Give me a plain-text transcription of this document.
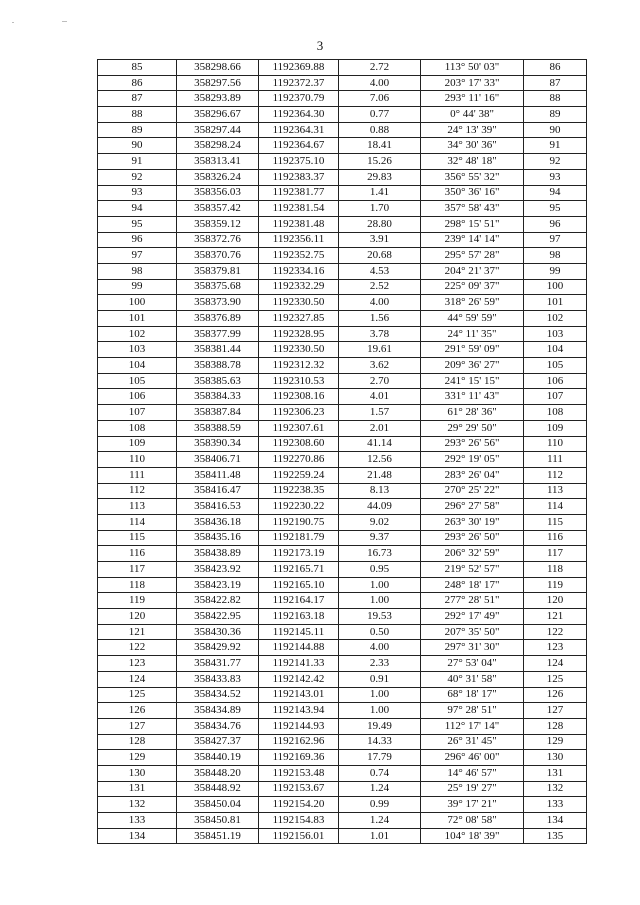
3
85	358298.66	1192369.88	2.72	113° 50' 03"	86
86	358297.56	1192372.37	4.00	203° 17' 33"	87
87	358293.89	1192370.79	7.06	293° 11' 16"	88
88	358296.67	1192364.30	0.77	0° 44' 38"	89
89	358297.44	1192364.31	0.88	24° 13' 39"	90
90	358298.24	1192364.67	18.41	34° 30' 36"	91
91	358313.41	1192375.10	15.26	32° 48' 18"	92
92	358326.24	1192383.37	29.83	356° 55' 32"	93
93	358356.03	1192381.77	1.41	350° 36' 16"	94
94	358357.42	1192381.54	1.70	357° 58' 43"	95
95	358359.12	1192381.48	28.80	298° 15' 51"	96
96	358372.76	1192356.11	3.91	239° 14' 14"	97
97	358370.76	1192352.75	20.68	295° 57' 28"	98
98	358379.81	1192334.16	4.53	204° 21' 37"	99
99	358375.68	1192332.29	2.52	225° 09' 37"	100
100	358373.90	1192330.50	4.00	318° 26' 59"	101
101	358376.89	1192327.85	1.56	44° 59' 59"	102
102	358377.99	1192328.95	3.78	24° 11' 35"	103
103	358381.44	1192330.50	19.61	291° 59' 09"	104
104	358388.78	1192312.32	3.62	209° 36' 27"	105
105	358385.63	1192310.53	2.70	241° 15' 15"	106
106	358384.33	1192308.16	4.01	331° 11' 43"	107
107	358387.84	1192306.23	1.57	61° 28' 36"	108
108	358388.59	1192307.61	2.01	29° 29' 50"	109
109	358390.34	1192308.60	41.14	293° 26' 56"	110
110	358406.71	1192270.86	12.56	292° 19' 05"	111
111	358411.48	1192259.24	21.48	283° 26' 04"	112
112	358416.47	1192238.35	8.13	270° 25' 22"	113
113	358416.53	1192230.22	44.09	296° 27' 58"	114
114	358436.18	1192190.75	9.02	263° 30' 19"	115
115	358435.16	1192181.79	9.37	293° 26' 50"	116
116	358438.89	1192173.19	16.73	206° 32' 59"	117
117	358423.92	1192165.71	0.95	219° 52' 57"	118
118	358423.19	1192165.10	1.00	248° 18' 17"	119
119	358422.82	1192164.17	1.00	277° 28' 51"	120
120	358422.95	1192163.18	19.53	292° 17' 49"	121
121	358430.36	1192145.11	0.50	207° 35' 50"	122
122	358429.92	1192144.88	4.00	297° 31' 30"	123
123	358431.77	1192141.33	2.33	27° 53' 04"	124
124	358433.83	1192142.42	0.91	40° 31' 58"	125
125	358434.52	1192143.01	1.00	68° 18' 17"	126
126	358434.89	1192143.94	1.00	97° 28' 51"	127
127	358434.76	1192144.93	19.49	112° 17' 14"	128
128	358427.37	1192162.96	14.33	26° 31' 45"	129
129	358440.19	1192169.36	17.79	296° 46' 00"	130
130	358448.20	1192153.48	0.74	14° 46' 57"	131
131	358448.92	1192153.67	1.24	25° 19' 27"	132
132	358450.04	1192154.20	0.99	39° 17' 21"	133
133	358450.81	1192154.83	1.24	72° 08' 58"	134
134	358451.19	1192156.01	1.01	104° 18' 39"	135
